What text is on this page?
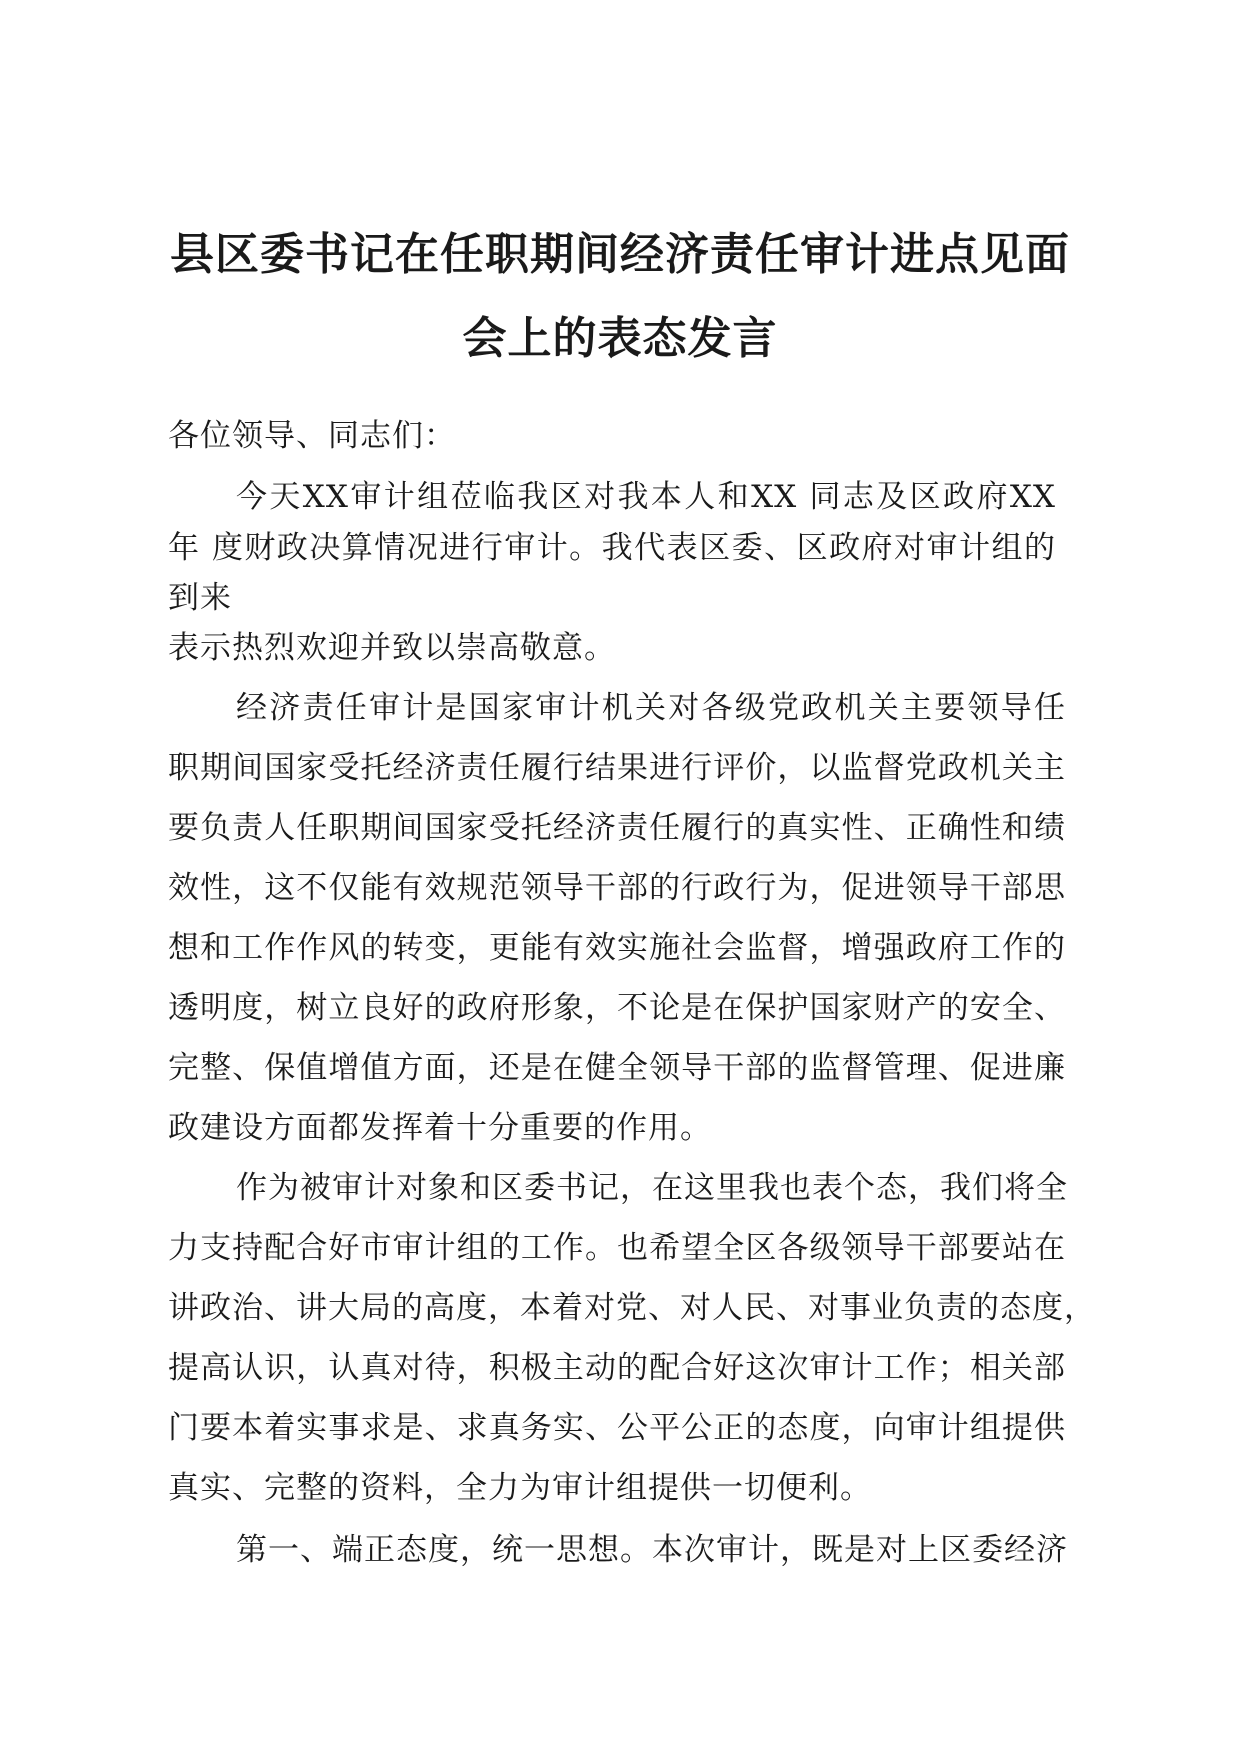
县区委书记在任职期间经济责任审计进点见面
会上的表态发言
各位领导、同志们：
今天XX审计组莅临我区对我本人和XX 同志及区政府XX
年 度财政决算情况进行审计。我代表区委、区政府对审计组的
到来
表示热烈欢迎并致以崇高敬意。
经济责任审计是国家审计机关对各级党政机关主要领导任
职期间国家受托经济责任履行结果进行评价，以监督党政机关主
要负责人任职期间国家受托经济责任履行的真实性、正确性和绩
效性，这不仅能有效规范领导干部的行政行为，促进领导干部思
想和工作作风的转变，更能有效实施社会监督，增强政府工作的
透明度，树立良好的政府形象，不论是在保护国家财产的安全、
完整、保值增值方面，还是在健全领导干部的监督管理、促进廉
政建设方面都发挥着十分重要的作用。
作为被审计对象和区委书记，在这里我也表个态，我们将全
力支持配合好市审计组的工作。也希望全区各级领导干部要站在
讲政治、讲大局的高度，本着对党、对人民、对事业负责的态度，
提高认识，认真对待，积极主动的配合好这次审计工作；相关部
门要本着实事求是、求真务实、公平公正的态度，向审计组提供
真实、完整的资料，全力为审计组提供一切便利。
第一、端正态度，统一思想。本次审计，既是对上区委经济
